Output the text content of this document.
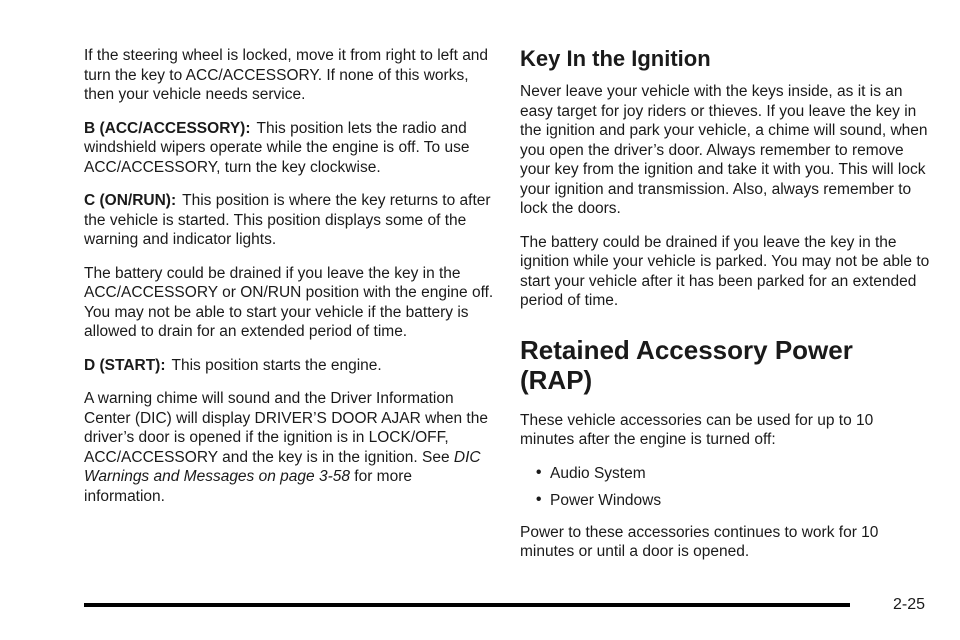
If the steering wheel is locked, move it from right to left and turn the key to ACC/ACCESSORY. If none of this works, then your vehicle needs service.

B (ACC/ACCESSORY): This position lets the radio and windshield wipers operate while the engine is off. To use ACC/ACCESSORY, turn the key clockwise.

C (ON/RUN): This position is where the key returns to after the vehicle is started. This position displays some of the warning and indicator lights.

The battery could be drained if you leave the key in the ACC/ACCESSORY or ON/RUN position with the engine off. You may not be able to start your vehicle if the battery is allowed to drain for an extended period of time.

D (START): This position starts the engine.

A warning chime will sound and the Driver Information Center (DIC) will display DRIVER’S DOOR AJAR when the driver’s door is opened if the ignition is in LOCK/OFF, ACC/ACCESSORY and the key is in the ignition. See DIC Warnings and Messages on page 3-58 for more information.

Key In the Ignition

Never leave your vehicle with the keys inside, as it is an easy target for joy riders or thieves. If you leave the key in the ignition and park your vehicle, a chime will sound, when you open the driver’s door. Always remember to remove your key from the ignition and take it with you. This will lock your ignition and transmission. Also, always remember to lock the doors.

The battery could be drained if you leave the key in the ignition while your vehicle is parked. You may not be able to start your vehicle after it has been parked for an extended period of time.

Retained Accessory Power (RAP)

These vehicle accessories can be used for up to 10 minutes after the engine is turned off:

• Audio System
• Power Windows

Power to these accessories continues to work for 10 minutes or until a door is opened.

2-25
